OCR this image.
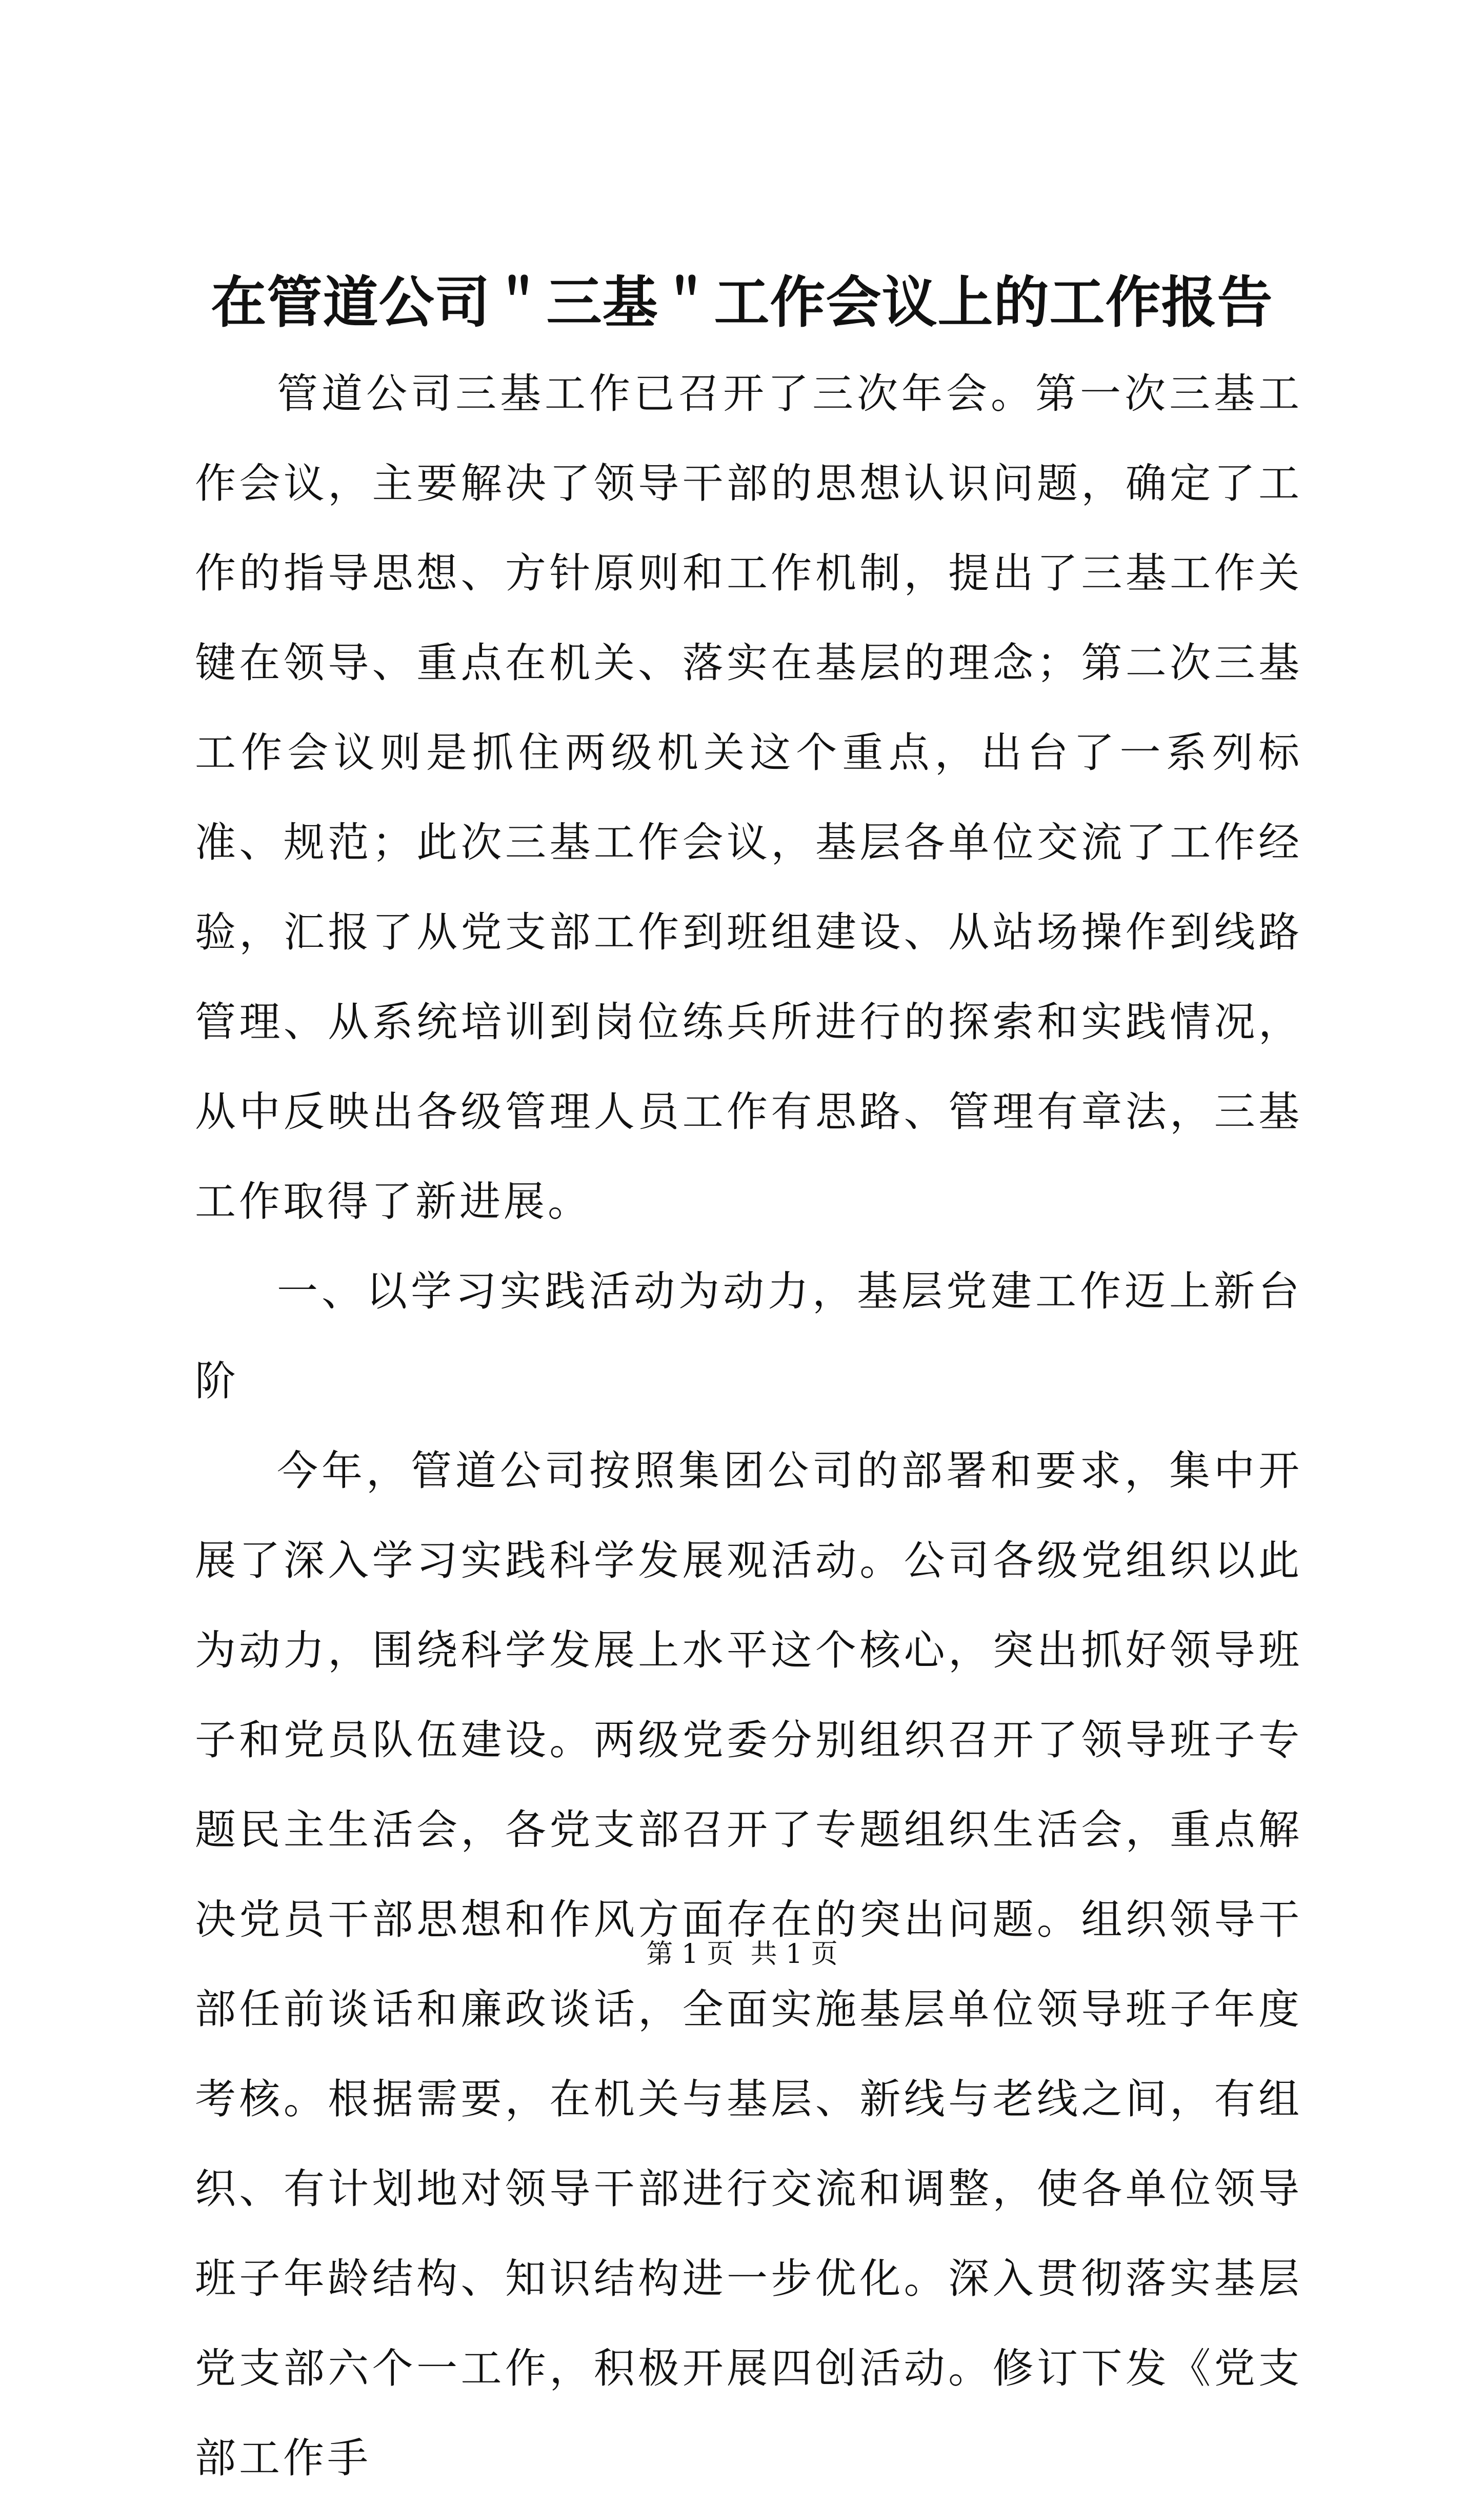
在管道公司＂三基＂工作会议上的工作报告

管道公司三基工作已召开了三次年会。第一次三基工作会议，主要解决了领导干部的思想认识问题，确定了工作的指导思想、方针原则和工作机制，提出了三基工作关键在领导、重点在机关、落实在基层的理念；第二次三基工作会议则是抓住两级机关这个重点，出台了一系列标准、规范；此次三基工作会议，基层各单位交流了工作经验，汇报了从党支部工作到班组建设、从站场操作到线路管理、从系统培训到岗位练兵所进行的探索和实践情况，从中反映出各级管理人员工作有思路、管理有章法，三基工作取得了新进展。

一、以学习实践活动为动力，基层党建工作迈上新台阶

今年，管道公司按照集团公司的部署和要求，集中开展了深入学习实践科学发展观活动。公司各级党组织以此为动力，围绕科学发展上水平这个核心，突出抓好领导班子和党员队伍建设。两级党委分别组织召开了领导班子专题民主生活会，各党支部召开了专题组织生活会，重点解决党员干部思想和作风方面存在的突出问题。组织领导干部任前谈话和廉政谈话，全面实施基层单位领导班子年度考核。根据需要，在机关与基层、新线与老线之间，有组织、有计划地对领导干部进行交流和调整，使各单位领导班子年龄结构、知识结构进一步优化。深入贯彻落实基层党支部六个一工作，积极开展四创活动。修订下发《党支部工作手

第 1 页  共 1 页
